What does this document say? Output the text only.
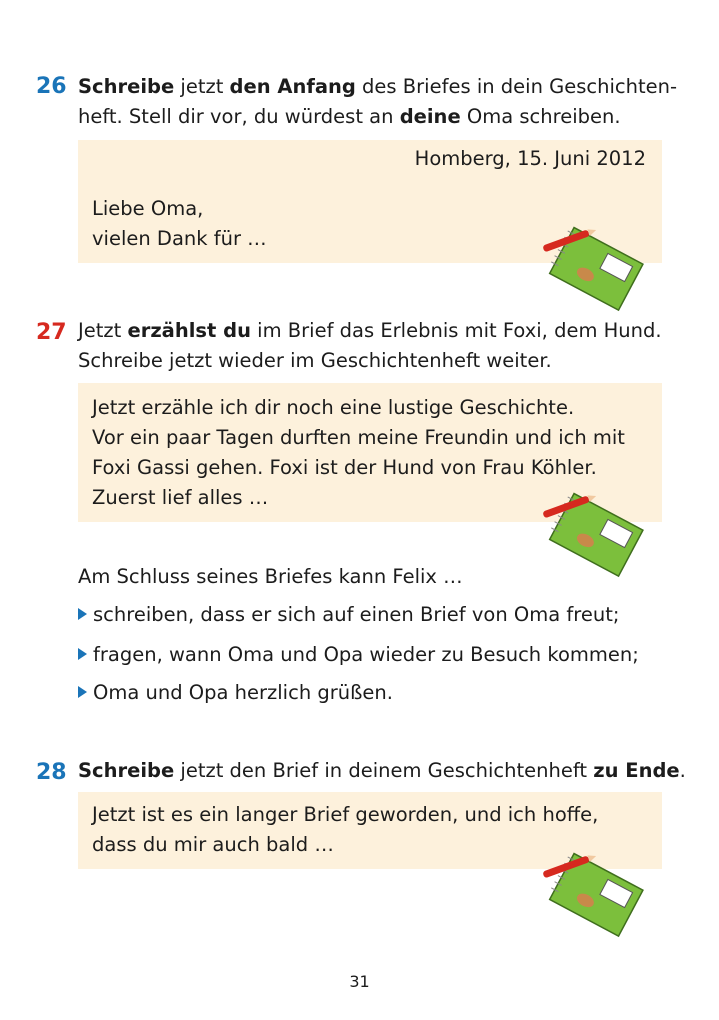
26 Schreibe jetzt den Anfang des Briefes in dein Geschichten-
heft. Stell dir vor, du würdest an deine Oma schreiben.
Homberg, 15. Juni 2012
Liebe Oma,
vielen Dank für …
27 Jetzt erzählst du im Brief das Erlebnis mit Foxi, dem Hund.
Schreibe jetzt wieder im Geschichtenheft weiter.
Jetzt erzähle ich dir noch eine lustige Geschichte.
Vor ein paar Tagen durften meine Freundin und ich mit
Foxi Gassi gehen. Foxi ist der Hund von Frau Köhler.
Zuerst lief alles …
Am Schluss seines Briefes kann Felix …
schreiben, dass er sich auf einen Brief von Oma freut;
fragen, wann Oma und Opa wieder zu Besuch kommen;
Oma und Opa herzlich grüßen.
28 Schreibe jetzt den Brief in deinem Geschichtenheft zu Ende.
Jetzt ist es ein langer Brief geworden, und ich hoffe,
dass du mir auch bald …
31
